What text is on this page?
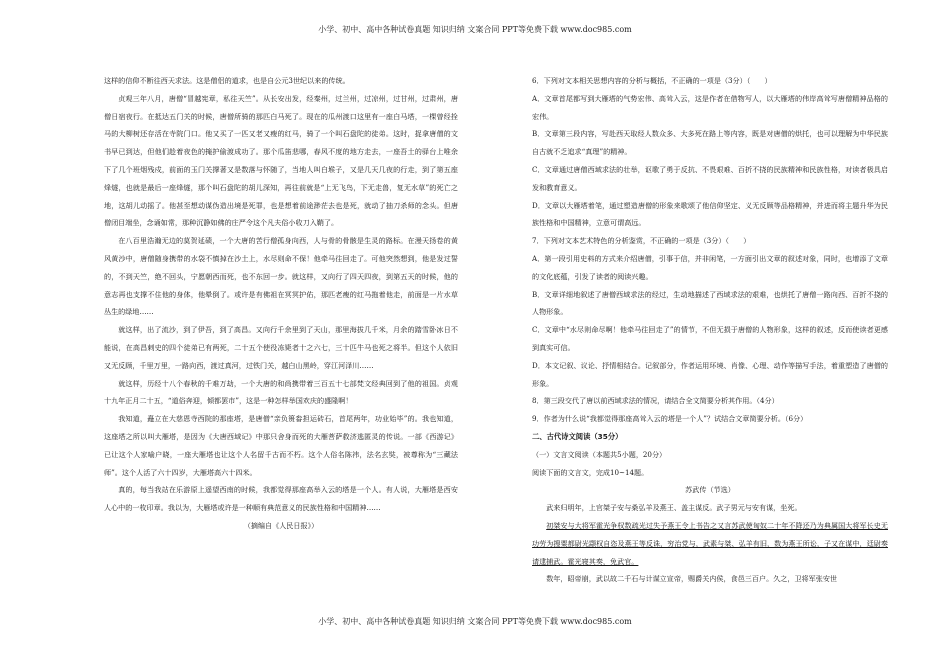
小学、初中、高中各种试卷真题 知识归纳 文案合同 PPT等免费下载 www.doc985.com

这样的信仰不断往西天求法。这是僧侣的道求，也是自公元3世纪以来的传统。

贞观三年八月，唐僧“冒越宪章，私往天竺”。从长安出发，经秦州，过兰州，过凉州，过甘州，过肃州，唐僧日宿夜行。在抵达五门关的时候，唐僧所骑的那匹白马死了。现在的瓜州渡口这里有一座白马塔，一棵曾经拴马的大柳树还存活在寺院门口。他又买了一匹又老又瘦的红马，骑了一个叫石盘陀的徒弟。这时，捉拿唐僧的文书早已到达，但他们趁着夜色的掩护偷渡成功了。那个瓜笛悲哪，春风不度的地方走去，一座吾土的驿台上唯余下了几个班烟残戍，前面的玉门关撑著又是数落与怀随了，当地人叫白堠子，又是几天几夜的行走，到了第五座烽燧，也就是最后一座烽燧，那个叫石盘陀的胡儿深知，再往前就是“上无飞鸟，下无走兽，复无水草”的死亡之地，这胡儿动摇了。他甚至想动谋伪造出境是死罪，也是想着前途渺茫去也是死，就动了抽刀杀师的念头。但唐僧闭目端坐，念诵如常，那种沉静如佛的庄严令这个凡夫俗小收刀入鞘了。

在八百里浩瀚无边的莫贺延碛，一个大唐的苦行僧孤身向西，人与骨的骨骸是生灵的路标。在漫天扬卷的黄风黄沙中，唐僧随身携带的水袋不慎掉在沙土上，水尽则命不保！他牵马往回走了。可他突然想到，他是发过誓的，不到天竺，绝不回头，宁愿朝西而死，也不东回一步。就这样，又向行了四天四夜，到第五天的时候，他的意志再也支撑不住他的身体，他晕倒了。或许是有佛祖在冥冥护佑，那匹老瘦的红马拖着他走，前面是一片水草丛生的绿地……

就这样，出了流沙，到了伊吾，到了高昌。又向行千余里到了天山，那里海拔几千米，月余的踏雪卧冰日不能说，在高昌刺史的四个徒弟已有两死，二十五个使役冻毙者十之六七，三十匹牛马也死之将半。但这个人依旧又无反顾，千里万里，一路向西，渡过真河，过铁门关，越白山黑岭，穿江河泽川……

就这样，历经十八个春秋的千难万劫，一个大唐的和尚携带着三百五十七部梵文经典回到了他的祖国。贞观十九年正月二十五，“道俗奔迎，倾都罢市”，这是一种怎样举国欢庆的盛隆啊！

我知道，矗立在大慈恩寺西院的那座塔，是唐僧“亲负篑畚担运砖石，首尾两年，功业始毕”的。我也知道，这座塔之所以叫大雁塔，是因为《大唐西域记》中那只舍身而死的大雁菩萨救济逃匿灵的传说。一部《西游记》已让这个人家喻户晓，一座大雁塔也让这个人名留千古而不朽。这个人俗名陈祎，法名玄奘，被尊称为“三藏法师”。这个人活了六十四岁，大雁塔高六十四米。

真的，每当我站在乐游原上遥望西南的时候，我都觉得那座高举入云的塔是一个人。有人说，大雁塔是西安人心中的一枚印章。我以为，大雁塔或许是一种顺有典范意义的民族性格和中国精神……

（摘编自《人民日报》）

6．下列对文本相关思想内容的分析与概括，不正确的一项是（3分）（　　）

A．文章首尾都写到大雁塔的气势宏伟、高耸入云，这是作者在借物写人，以大雁塔的伟岸高耸写唐僧精神品格的宏伟。

B．文章第三段内容，写赴西天取经人数众多、大多死在路上等内容，既是对唐僧的烘托，也可以理解为中华民族自古就不乏追求“真理”的精神。

C．文章通过唐僧西域求法的壮举，讴歌了勇于反抗、不畏艰难、百折不挠的民族精神和民族性格，对读者极具启发和教育意义。

D．文章以大雁塔着笔，通过塑造唐僧的形象来歌颂了他信仰坚定、义无反顾等品格精神，并进而将主题升华为民族性格和中国精神，立意可谓高远。

7．下列对文本艺术特色的分析鉴赏，不正确的一项是（3分）（　　）

A．第一段引用史料的方式来介绍唐僧，引事于信，并非闲笔，一方面引出文章的叙述对象，同时，也增添了文章的文化底蕴，引发了读者的阅读兴趣。

B．文章详细地叙述了唐僧西域求法的经过，生动地描述了西域求法的艰难，也烘托了唐僧一路向西、百折不挠的人物形象。

C．文章中“水尽则命尽啊！他牵马往回走了”的情节，不但无损于唐僧的人物形象，这样的叙述，反而使读者更感到真实可信。

D．本文记叙、议论、抒情相结合。记叙部分，作者运用环境、肖像、心理、动作等描写手法，着重塑造了唐僧的形象。

8．第三段交代了唐以前西域求法的情况，请结合全文简要分析其作用。（4分）

9．作者为什么说“我都觉得那座高耸入云的塔是一个人”？试结合文章简要分析。（6分）

二、古代诗文阅读（35分）

（一）文言文阅读（本题共5小题，20分）

阅读下面的文言文，完成10~14题。

苏武传（节选）

武来归明年，上官桀子安与桑弘羊及燕王、盖主谋反。武子男元与安有谋，坐死。

初桀安与大将军霍光争权数疏光过失予燕王令上书告之又言苏武使匈奴二十年不降还乃为典属国大将军长史无功劳为搜粟都尉光颛权自恣及燕王等反诛，穷治党与，武素与桀、弘羊有旧，数为燕王所讼，子又在谋中，廷尉奏请逮捕武。霍光寝其奏，免武官。

数年，昭帝崩，武以故二千石与计谋立宣帝，赐爵关内侯，食邑三百户。久之，卫将军张安世

小学、初中、高中各种试卷真题 知识归纳 文案合同 PPT等免费下载 www.doc985.com
